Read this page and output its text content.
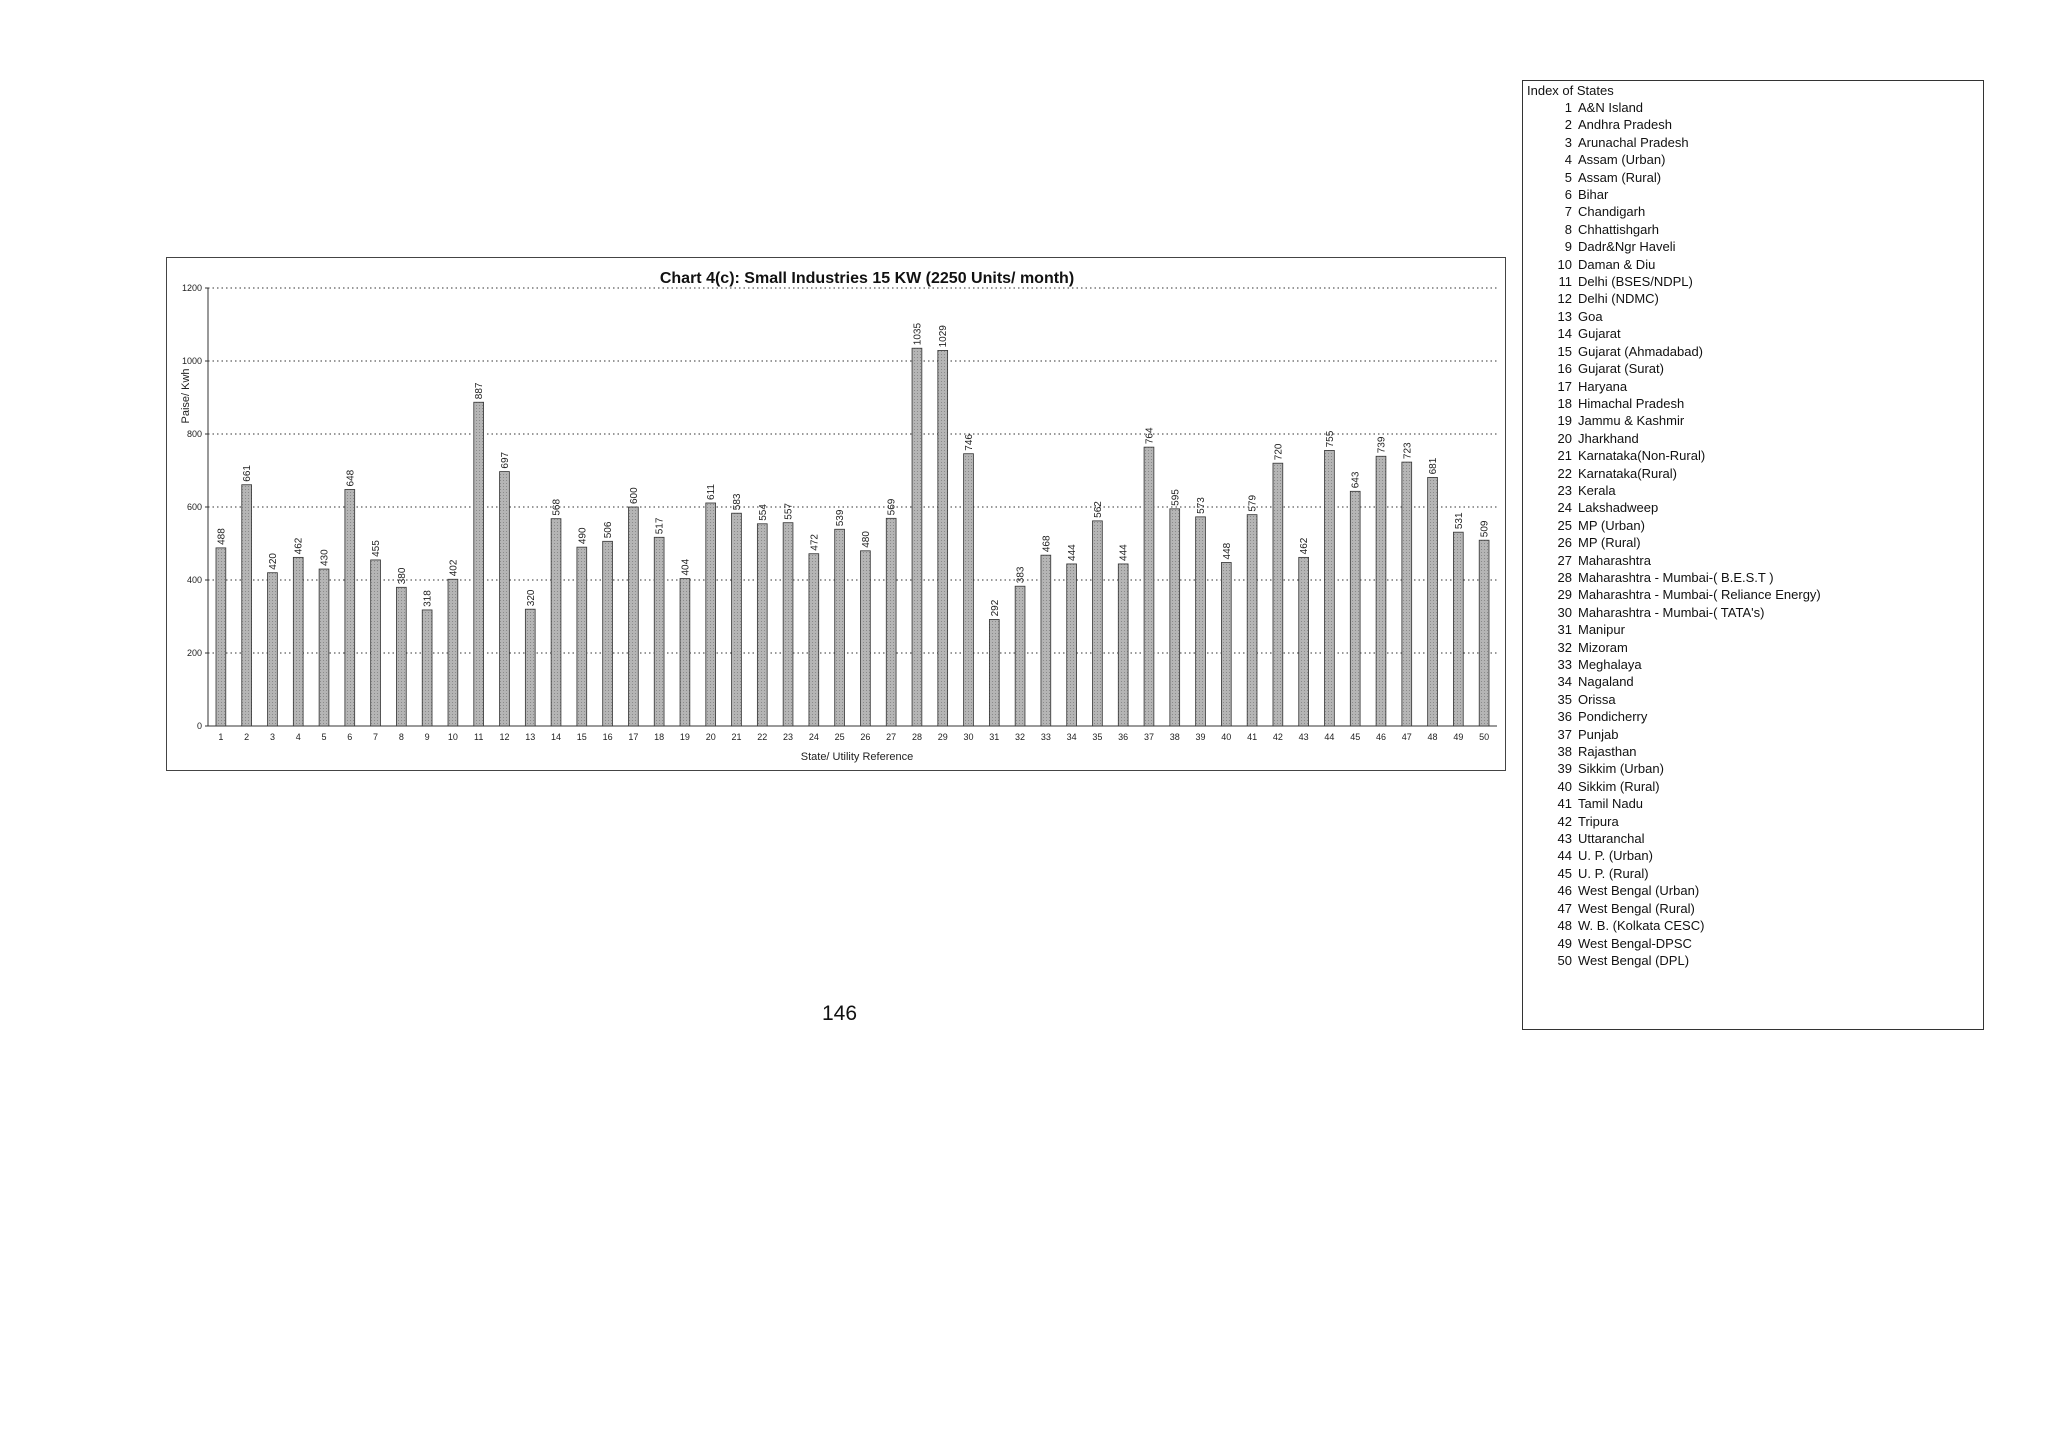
Chart 4(c): Small Industries 15 KW (2250 Units/ month)
Paise/ Kwh
State/ Utility Reference
0
200
400
600
800
1000
1200
1 2 3 4 5 6 7 8 9 10 11 12 13 14 15 16 17 18 19 20 21 22 23 24 25 26 27 28 29 30 31 32 33 34 35 36 37 38 39 40 41 42 43 44 45 46 47 48 49 50
488
661
420
462
430
648
455
380
318
402
887
697
320
568
490 506
600
517
404
611
583
554 557
472
539
480
569
1035 1029
746
292
383
468
444
562
444
764
595 573
448
579
720
462
755
643
739 723
681
531 509
146
Index of States
1 A&N Island
2 Andhra Pradesh
3 Arunachal Pradesh
4 Assam (Urban)
5 Assam (Rural)
6 Bihar
7 Chandigarh
8 Chhattishgarh
9 Dadr&Ngr Haveli
10 Daman & Diu
11 Delhi (BSES/NDPL)
12 Delhi (NDMC)
13 Goa
14 Gujarat
15 Gujarat (Ahmadabad)
16 Gujarat (Surat)
17 Haryana
18 Himachal Pradesh
19 Jammu & Kashmir
20 Jharkhand
21 Karnataka(Non-Rural)
22 Karnataka(Rural)
23 Kerala
24 Lakshadweep
25 MP (Urban)
26 MP (Rural)
27 Maharashtra
28 Maharashtra - Mumbai-( B.E.S.T )
29 Maharashtra - Mumbai-( Reliance Energy)
30 Maharashtra - Mumbai-( TATA's)
31 Manipur
32 Mizoram
33 Meghalaya
34 Nagaland
35 Orissa
36 Pondicherry
37 Punjab
38 Rajasthan
39 Sikkim (Urban)
40 Sikkim (Rural)
41 Tamil Nadu
42 Tripura
43 Uttaranchal
44 U. P. (Urban)
45 U. P. (Rural)
46 West Bengal (Urban)
47 West Bengal (Rural)
48 W. B. (Kolkata CESC)
49 West Bengal-DPSC
50 West Bengal (DPL)
